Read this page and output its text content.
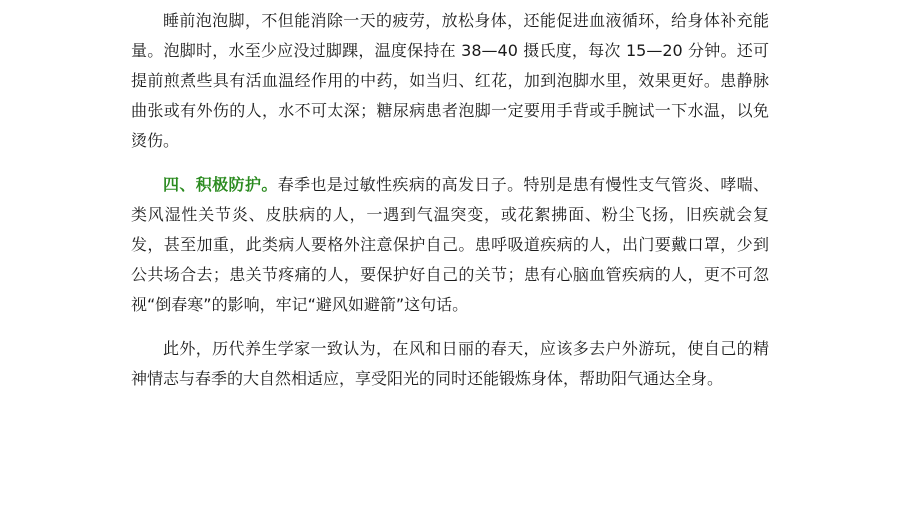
睡前泡泡脚，不但能消除一天的疲劳，放松身体，还能促进血液循环，给身体补充能量。泡脚时，水至少应没过脚踝，温度保持在 38—40 摄氏度，每次 15—20 分钟。还可提前煎煮些具有活血温经作用的中药，如当归、红花，加到泡脚水里，效果更好。患静脉曲张或有外伤的人，水不可太深；糖尿病患者泡脚一定要用手背或手腕试一下水温，以免烫伤。

四、积极防护。春季也是过敏性疾病的高发日子。特别是患有慢性支气管炎、哮喘、类风湿性关节炎、皮肤病的人，一遇到气温突变，或花絮拂面、粉尘飞扬，旧疾就会复发，甚至加重，此类病人要格外注意保护自己。患呼吸道疾病的人，出门要戴口罩，少到公共场合去；患关节疼痛的人，要保护好自己的关节；患有心脑血管疾病的人，更不可忽视“倒春寒”的影响，牢记“避风如避箭”这句话。

此外，历代养生学家一致认为，在风和日丽的春天，应该多去户外游玩，使自己的精神情志与春季的大自然相适应，享受阳光的同时还能锻炼身体，帮助阳气通达全身。
